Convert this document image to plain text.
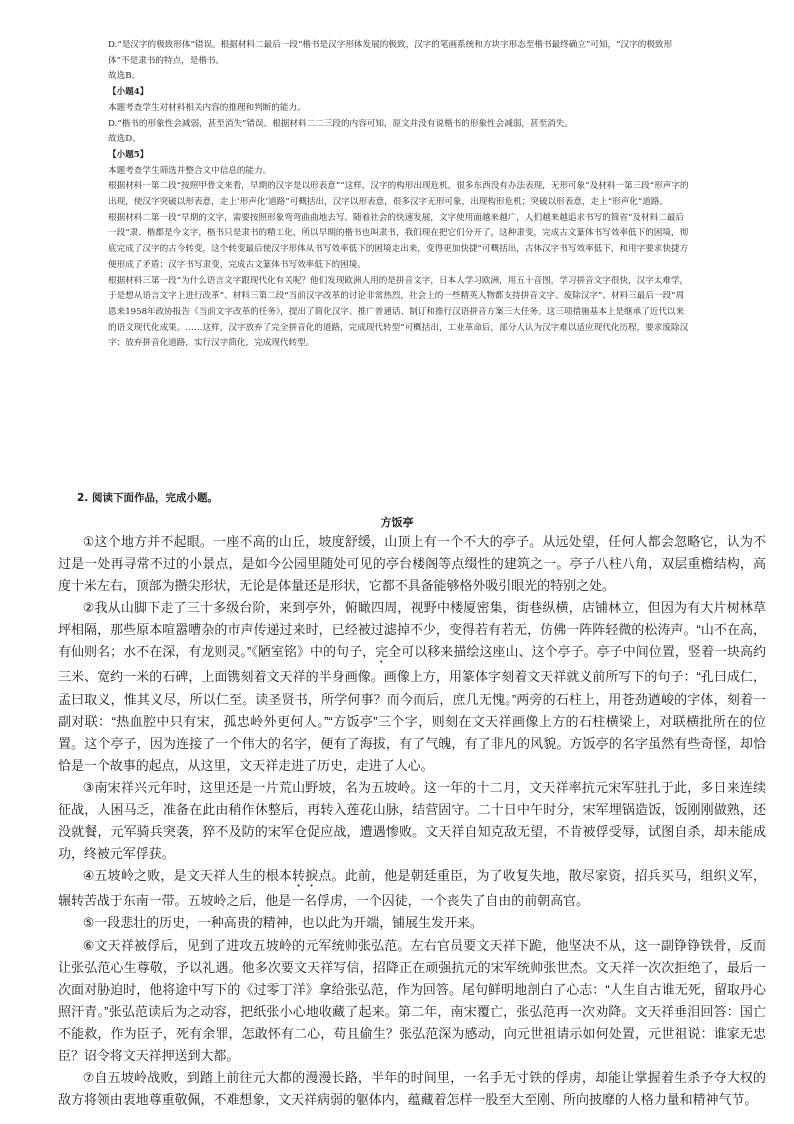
D.“是汉字的极致形体”错误。根据材料二最后一段“楷书是汉字形体发展的极致，汉字的笔画系统和方块字形态至楷书最终确立”可知，“汉字的极致形体”不是隶书的特点，是楷书。

故选B。

【小题4】

本题考查学生对材料相关内容的推理和判断的能力。

D.“楷书的形象性会减弱，甚至消失”错误。根据材料二二三段的内容可知，原文并没有说楷书的形象性会减弱，甚至消失。

故选D。

【小题5】

本题考查学生筛选并整合文中信息的能力。

根据材料一第二段“按照甲骨文来看，早期的汉字是以形表意”“这样，汉字的构形出现危机，很多东西没有办法表现，无形可象”及材料一第三段“形声字的出现，使汉字突破以形表意，走上‘形声化’道路”可概括出，汉字以形表意，很多汉字无形可象，出现构形危机；突破以形表意，走上“形声化”道路。

根据材料二第一段“早期的文字，需要按照形象弯弯曲曲地去写。随着社会的快速发展，文字使用面越来越广，人们越来越追求书写的简省”及材料二最后一段“隶、楷都是今文字，楷书只是隶书的精工化，所以早期的楷书也叫隶书，我们现在把它们分开了，这种隶变，完成古文篆体书写效率低下的困境，彻底完成了汉字的古今转变，这个转变最后使汉字形体从书写效率低下的困境走出来，变得更加快捷”可概括出，古体汉字书写效率低下，和用字要求快捷方便形成了矛盾；汉字书写隶变，完成古文篆体书写效率低下的困境。

根据材料三第一段“为什么语言文字跟现代化有关呢？他们发现欧洲人用的是拼音文字，日本人学习欧洲，用五十音图，学习拼音文字很快，汉字太难学，于是想从语言文字上进行改革”、材料三第二段“当前汉字改革的讨论非常热烈，社会上的一些精英人物都支持拼音文字、废除汉字”、材料三最后一段“周恩来1958年政协报告《当前文字改革的任务》，提出了简化汉字、推广普通话、制订和推行汉语拼音方案三大任务。这三项措施基本上是继承了近代以来的语文现代化成果。……这样，汉字放弃了完全拼音化的道路，完成现代转型”可概括出，工业革命后，部分人认为汉字难以适应现代化历程，要求废除汉字；放弃拼音化道路，实行汉字简化，完成现代转型。

2. 阅读下面作品，完成小题。
方饭亭

①这个地方并不起眼。一座不高的山丘，坡度舒缓，山顶上有一个不大的亭子。从远处望，任何人都会忽略它，认为不过是一处再寻常不过的小景点，是如今公园里随处可见的亭台楼阁等点缀性的建筑之一。亭子八柱八角，双层重檐结构，高度十米左右，顶部为攒尖形状，无论是体量还是形状，它都不具备能够格外吸引眼光的特别之处。

②我从山脚下走了三十多级台阶，来到亭外，俯瞰四周，视野中楼厦密集，街巷纵横，店铺林立，但因为有大片树林草坪相隔，那些原本喧嚣嘈杂的市声传递过来时，已经被过滤掉不少，变得若有若无，仿佛一阵阵轻微的松涛声。“山不在高，有仙则名；水不在深，有龙则灵。”《陋室铭》中的句子，完全可以移来描绘这座山、这个亭子。亭子中间位置，竖着一块高约三米、宽约一米的石碑，上面镌刻着文天祥的半身画像。画像上方，用篆体字刻着文天祥就义前所写下的句子：“孔曰成仁，孟曰取义，惟其义尽，所以仁至。读圣贤书，所学何事？而今而后，庶几无愧。”两旁的石柱上，用苍劲遒峻的字体，刻着一副对联：“热血腔中只有宋，孤忠岭外更何人。”“方饭亭”三个字，则刻在文天祥画像上方的石柱横梁上，对联横批所在的位置。这个亭子，因为连接了一个伟大的名字，便有了海拔，有了气魄，有了非凡的风貌。方饭亭的名字虽然有些奇怪，却恰恰是一个故事的起点，从这里，文天祥走进了历史，走进了人心。

③南宋祥兴元年时，这里还是一片荒山野坡，名为五坡岭。这一年的十二月，文天祥率抗元宋军驻扎于此，多日来连续征战，人困马乏，准备在此由稍作休整后，再转入莲花山脉，结营固守。二十日中午时分，宋军埋锅造饭，饭刚刚做熟，还没就餐，元军骑兵突袭，猝不及防的宋军仓促应战，遭遇惨败。文天祥自知克敌无望，不肯被俘受辱，试图自杀，却未能成功，终被元军俘获。

④五坡岭之败，是文天祥人生的根本转捩点。此前，他是朝廷重臣，为了收复失地，散尽家资，招兵买马，组织义军，辗转苦战于东南一带。五坡岭之后，他是一名俘虏，一个囚徒，一个丧失了自由的前朝高官。

⑤一段悲壮的历史，一种高贵的精神，也以此为开端，铺展生发开来。

⑥文天祥被俘后，见到了进攻五坡岭的元军统帅张弘范。左右官员要文天祥下跪，他坚决不从，这一副铮铮铁骨，反而让张弘范心生尊敬，予以礼遇。他多次要文天祥写信，招降正在顽强抗元的宋军统帅张世杰。文天祥一次次拒绝了，最后一次面对胁迫时，他将途中写下的《过零丁洋》拿给张弘范，作为回答。尾句鲜明地剖白了心志：“人生自古谁无死，留取丹心照汗青。”张弘范读后为之动容，把纸张小心地收藏了起来。第二年，南宋覆亡，张弘范再一次劝降。文天祥垂泪回答：国亡不能救，作为臣子，死有余罪，怎敢怀有二心，苟且偷生？张弘范深为感动，向元世祖请示如何处置，元世祖说：谁家无忠臣？诏令将文天祥押送到大都。

⑦自五坡岭战败，到踏上前往元大都的漫漫长路，半年的时间里，一名手无寸铁的俘虏，却能让掌握着生杀予夺大权的敌方将领由衷地尊重敬佩，不难想象，文天祥病弱的躯体内，蕴藏着怎样一股至大至刚、所向披靡的人格力量和精神气节。
